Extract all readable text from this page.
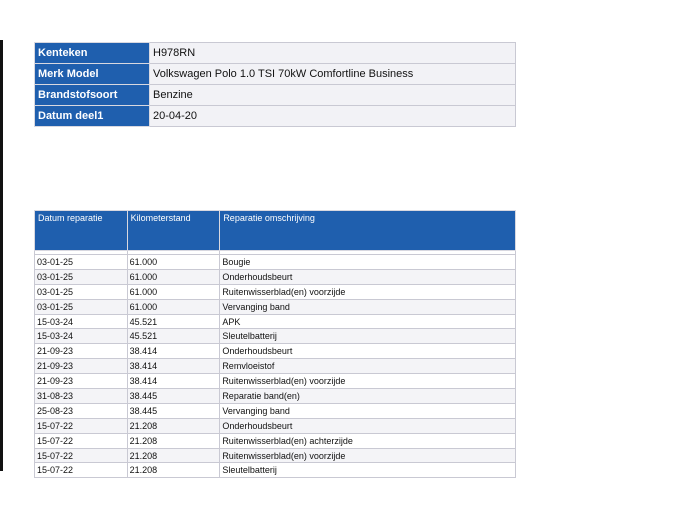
Kenteken	H978RN
Merk Model	Volkswagen Polo 1.0 TSI 70kW Comfortline Business
Brandstofsoort	Benzine
Datum deel1	20-04-20
Datum reparatie	Kilometerstand	Reparatie omschrijving

03-01-25	61.000	Bougie
03-01-25	61.000	Onderhoudsbeurt
03-01-25	61.000	Ruitenwisserblad(en) voorzijde
03-01-25	61.000	Vervanging band
15-03-24	45.521	APK
15-03-24	45.521	Sleutelbatterij
21-09-23	38.414	Onderhoudsbeurt
21-09-23	38.414	Remvloeistof
21-09-23	38.414	Ruitenwisserblad(en) voorzijde
31-08-23	38.445	Reparatie band(en)
25-08-23	38.445	Vervanging band
15-07-22	21.208	Onderhoudsbeurt
15-07-22	21.208	Ruitenwisserblad(en) achterzijde
15-07-22	21.208	Ruitenwisserblad(en) voorzijde
15-07-22	21.208	Sleutelbatterij
